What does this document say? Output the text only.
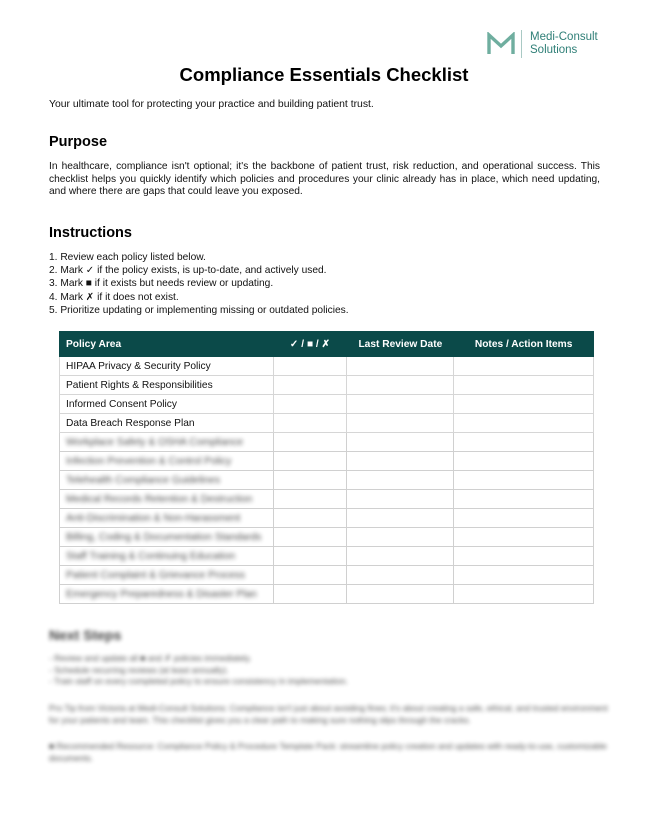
Medi-Consult
Solutions
Compliance Essentials Checklist

Your ultimate tool for protecting your practice and building patient trust.

Purpose

In healthcare, compliance isn't optional; it's the backbone of patient trust, risk reduction, and operational success. This checklist helps you quickly identify which policies and procedures your clinic already has in place, which need updating, and where there are gaps that could leave you exposed.

Instructions
1. Review each policy listed below.
2. Mark ✓ if the policy exists, is up-to-date, and actively used.
3. Mark ■ if it exists but needs review or updating.
4. Mark ✗ if it does not exist.
5. Prioritize updating or implementing missing or outdated policies.
Policy Area	✓ / ■ / ✗	Last Review Date	Notes / Action Items
HIPAA Privacy & Security Policy			
Patient Rights & Responsibilities			
Informed Consent Policy			
Data Breach Response Plan			
Workplace Safety & OSHA Compliance			
Infection Prevention & Control Policy			
Telehealth Compliance Guidelines			
Medical Records Retention & Destruction			
Anti-Discrimination & Non-Harassment			
Billing, Coding & Documentation Standards			
Staff Training & Continuing Education			
Patient Complaint & Grievance Process			
Emergency Preparedness & Disaster Plan			
Next Steps
- Review and update all ■ and ✗ policies immediately.
- Schedule recurring reviews (at least annually).
- Train staff on every completed policy to ensure consistency in implementation.

Pro Tip from Victoria at Medi-Consult Solutions: Compliance isn't just about avoiding fines; it's about creating a safe, ethical, and trusted environment for your patients and team. This checklist gives you a clear path to making sure nothing slips through the cracks.

■ Recommended Resource: Compliance Policy & Procedure Template Pack: streamline policy creation and updates with ready-to-use, customizable documents.
